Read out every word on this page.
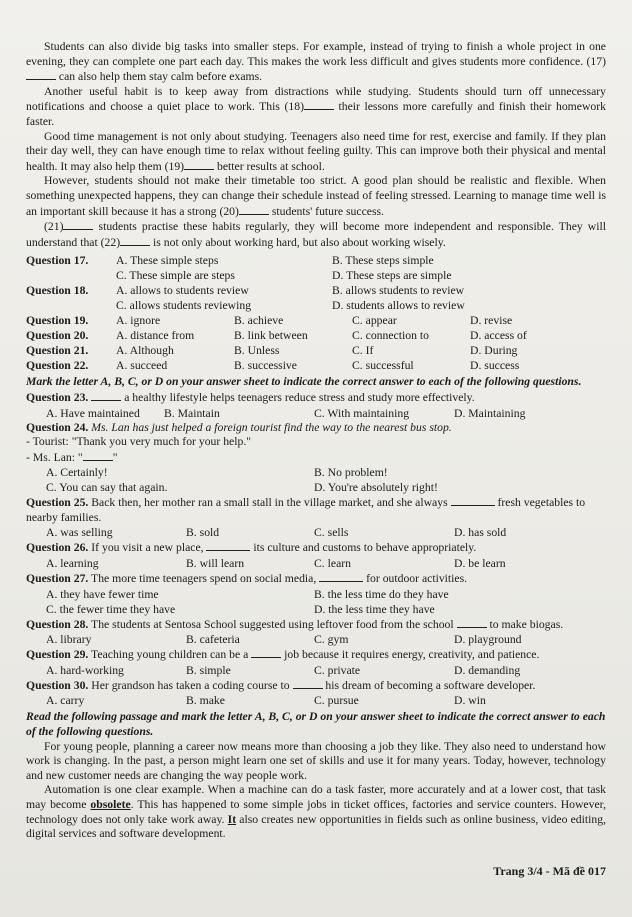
Students can also divide big tasks into smaller steps. For example, instead of trying to finish a whole project in one evening, they can complete one part each day. This makes the work less difficult and gives students more confidence. (17) can also help them stay calm before exams.

Another useful habit is to keep away from distractions while studying. Students should turn off unnecessary notifications and choose a quiet place to work. This (18)	their lessons more carefully and finish their homework faster.

Good time management is not only about studying. Teenagers also need time for rest, exercise and family. If they plan their day well, they can have enough time to relax without feeling guilty. This can improve both their physical and mental health. It may also help them (19)	better results at school.

However, students should not make their timetable too strict. A good plan should be realistic and flexible. When something unexpected happens, they can change their schedule instead of feeling stressed. Learning to manage time well is an important skill because it has a strong (20)	students' future success.

(21)	students practise these habits regularly, they will become more independent and responsible. They will understand that (22)	is not only about working hard, but also about working wisely.

Question 17.	A. These simple steps	B. These steps simple
C. These simple are steps	D. These steps are simple
Question 18.	A. allows to students review	B. allows students to review
C. allows students reviewing	D. students allows to review
Question 19.	A. ignore	B. achieve	C. appear	D. revise
Question 20.	A. distance from	B. link between	C. connection to	D. access of
Question 21.	A. Although	B. Unless	C. If	D. During
Question 22.	A. succeed	B. successive	C. successful	D. success

Mark the letter A, B, C, or D on your answer sheet to indicate the correct answer to each of the following questions.

Question 23.	a healthy lifestyle helps teenagers reduce stress and study more effectively.

A. Have maintained	B. Maintain	C. With maintaining	D. Maintaining

Question 24. Ms. Lan has just helped a foreign tourist find the way to the nearest bus stop.

- Tourist: "Thank you very much for your help."

- Ms. Lan: "	"

A. Certainly!	B. No problem!
C. You can say that again.	D. You're absolutely right!

Question 25. Back then, her mother ran a small stall in the village market, and she always	fresh vegetables to nearby families.

A. was selling	B. sold	C. sells	D. has sold

Question 26. If you visit a new place,	its culture and customs to behave appropriately.

A. learning	B. will learn	C. learn	D. be learn

Question 27. The more time teenagers spend on social media,	for outdoor activities.

A. they have fewer time	B. the less time do they have
C. the fewer time they have	D. the less time they have

Question 28. The students at Sentosa School suggested using leftover food from the school	to make biogas.

A. library	B. cafeteria	C. gym	D. playground

Question 29. Teaching young children can be a	job because it requires energy, creativity, and patience.

A. hard-working	B. simple	C. private	D. demanding

Question 30. Her grandson has taken a coding course to	his dream of becoming a software developer.

A. carry	B. make	C. pursue	D. win

Read the following passage and mark the letter A, B, C, or D on your answer sheet to indicate the correct answer to each of the following questions.

For young people, planning a career now means more than choosing a job they like. They also need to understand how work is changing. In the past, a person might learn one set of skills and use it for many years. Today, however, technology and new customer needs are changing the way people work.

Automation is one clear example. When a machine can do a task faster, more accurately and at a lower cost, that task may become obsolete. This has happened to some simple jobs in ticket offices, factories and service counters. However, technology does not only take work away. It also creates new opportunities in fields such as online business, video editing, digital services and software development.

Trang 3/4 - Mã đề 017
